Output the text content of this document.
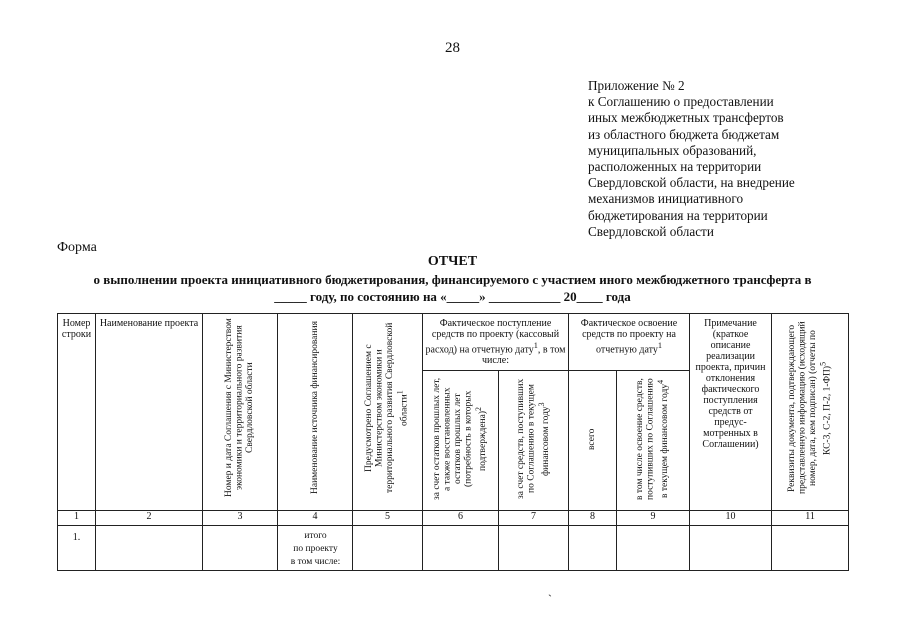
28
Приложение № 2
к Соглашению о предоставлении
иных межбюджетных трансфертов
из областного бюджета бюджетам
муниципальных образований,
расположенных на территории
Свердловской области, на внедрение
механизмов инициативного
бюджетирования на территории
Свердловской области
Форма
ОТЧЕТ
о выполнении проекта инициативного бюджетирования, финансируемого с участием иного межбюджетного трансферта в
_____ году, по состоянию на «_____» ___________ 20____ года
Номер строки	Наименование проекта	Номер и дата Соглашения с Министерством экономики и территориального развития Свердловской области	Наименование источника финансирования	Предусмотрено Соглашением с Министерством экономики и территориального развития Свердловской области$^1$	Фактическое поступление средств по проекту (кассовый расход) на отчетную дату$^1$, в том числе:		Фактическое освоение средств по проекту на отчетную дату$^1$		Примечание (краткое описание реализации проекта, причин отклонения фактического поступления средств от предус-мотренных в Соглашении)	Реквизиты документа, подтверждающего представленную информацию (исходящий номер, дата, кем подписан) (отчеты по КС-3, С-2, П-2, 1-ФП)$^5$

					за счет остатков прошлых лет, а также восстановленных остатков прошлых лет (потребность в которых подтверждена)$^2$	за счет средств, поступивших по Соглашению в текущем финансовом году$^3$	всего	в том числе освоение средств, поступивших по Соглашению в текущем финансовом году$^4$

1	2	3	4	5	6	7	8	9	10	11

1.			итого
по проекту
в том числе:							

`
